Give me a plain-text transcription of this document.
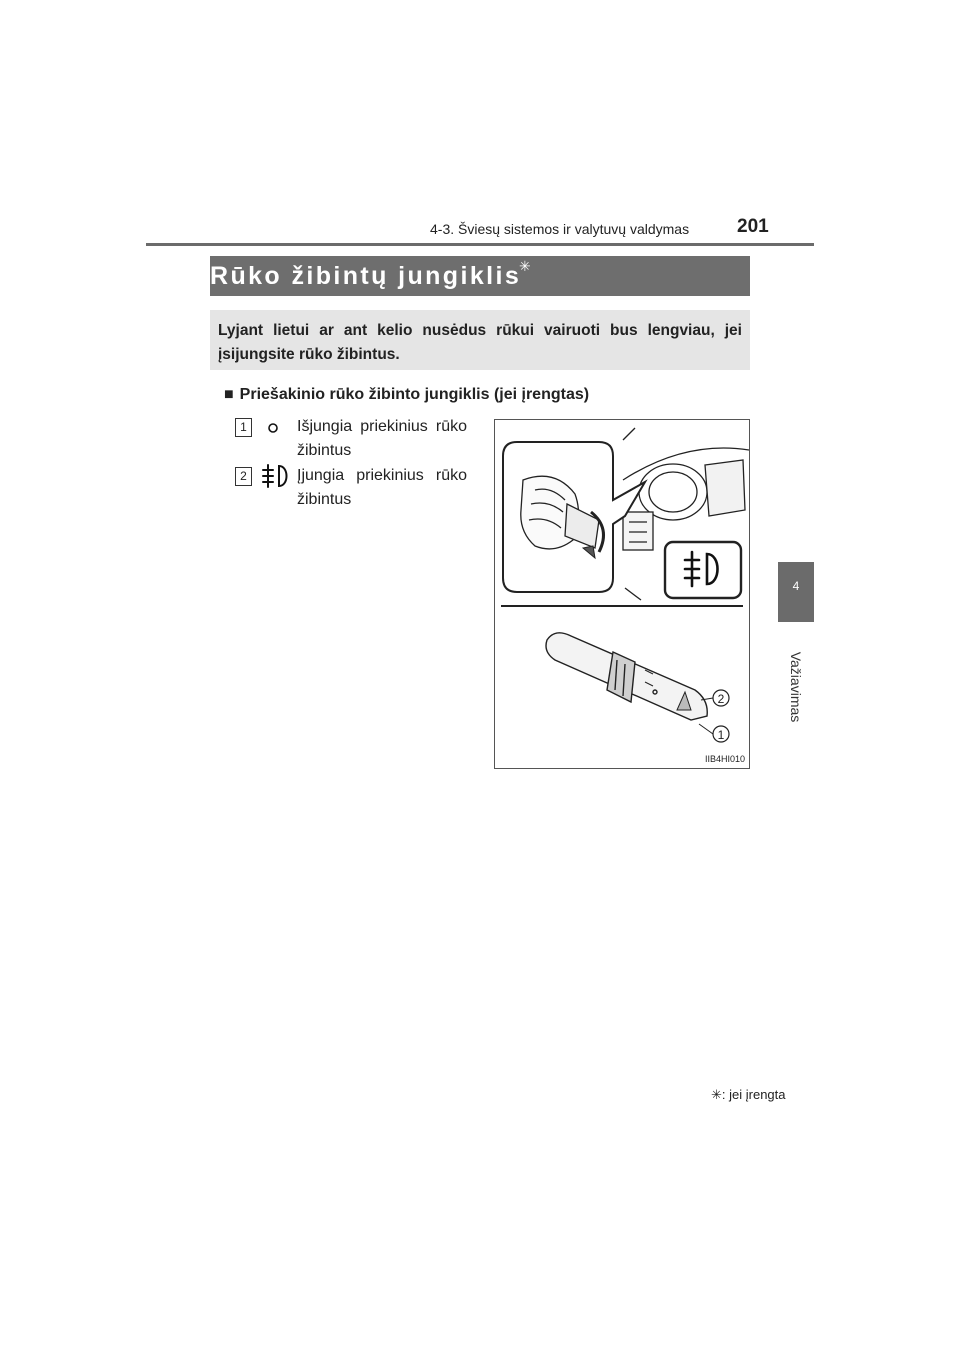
4-3. Šviesų sistemos ir valytuvų valdymas	201
4
Važiavimas
Rūko žibintų jungiklis
✳
Lyjant lietui ar ant kelio nusėdus rūkui vairuoti bus lengviau, jei įsijungsite rūko žibintus.
■ Priešakinio rūko žibinto jungiklis (jei įrengtas)
1	Išjungia priekinius rūko žibintus
2	Įjungia priekinius rūko žibintus
2
1
IIB4HI010
✳: jei įrengta
